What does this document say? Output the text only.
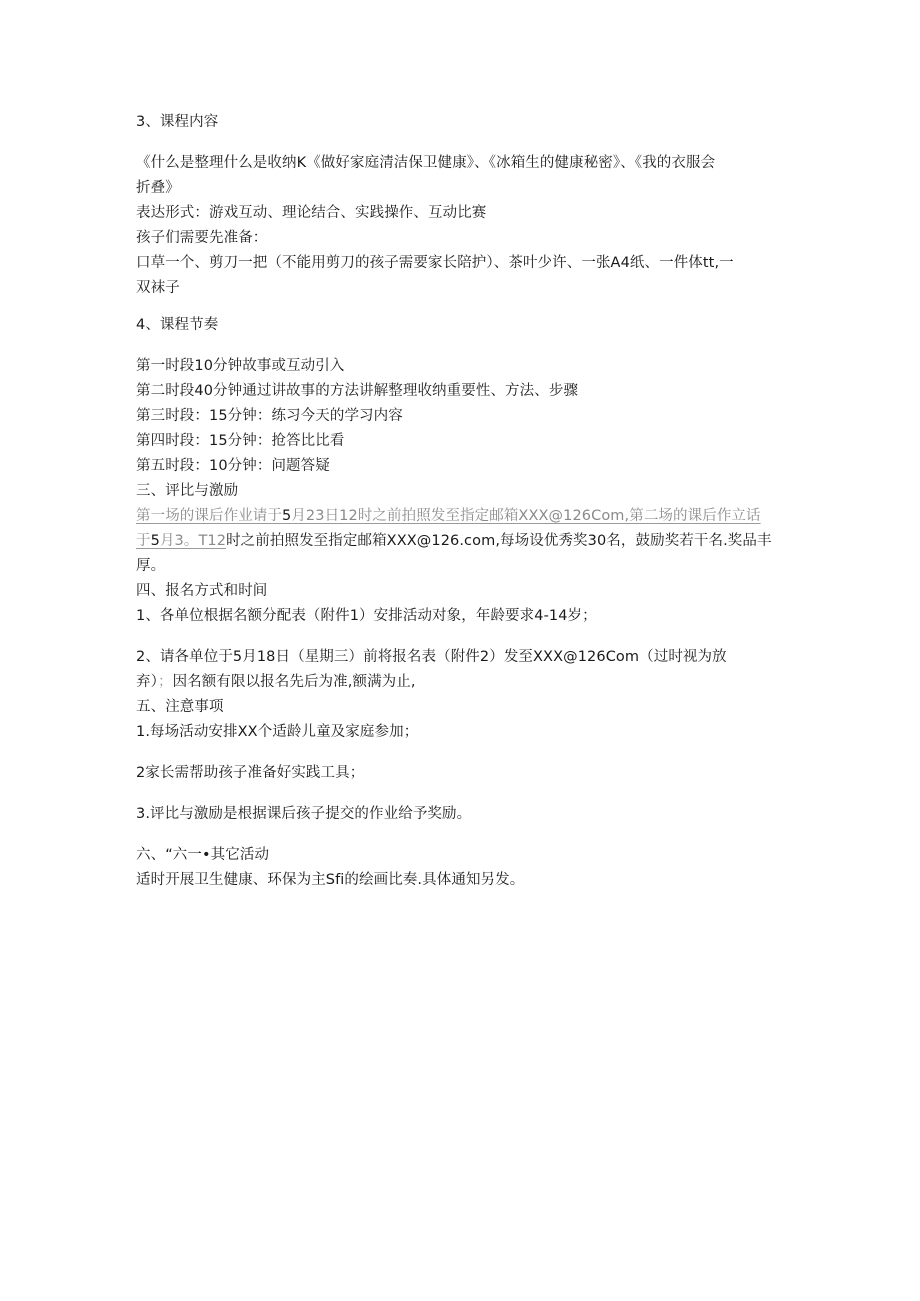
3、课程内容
《什么是整理什么是收纳K《做好家庭清洁保卫健康》、《冰箱生的健康秘密》、《我的衣服会
折叠》
表达形式：游戏互动、理论结合、实践操作、互动比赛
孩子们需要先准备：
口草一个、剪刀一把（不能用剪刀的孩子需要家长陪护）、茶叶少许、一张A4纸、一件体tt,一
双袜子
4、课程节奏
第一时段10分钟故事或互动引入
第二时段40分钟通过讲故事的方法讲解整理收纳重要性、方法、步骤
第三时段：15分钟：练习今天的学习内容
第四时段：15分钟：抢答比比看
第五时段：10分钟：问题答疑
三、评比与激励
第一场的课后作业请于5月23日12时之前拍照发至指定邮箱XXX@126Com,第二场的课后作立话
于5月3。T12时之前拍照发至指定邮箱XXX@126.com,每场设优秀奖30名，鼓励奖若干名.奖品丰
厚。
四、报名方式和时间
1、各单位根据名额分配表（附件1）安排活动对象，年龄要求4-14岁；
2、请各单位于5月18日（星期三）前将报名表（附件2）发至XXX@126Com（过时视为放
弃）；因名额有限以报名先后为准,额满为止,
五、注意事项
1.每场活动安排XX个适龄儿童及家庭参加；
2家长需帮助孩子准备好实践工具；
3.评比与激励是根据课后孩子提交的作业给予奖励。
六、“六一•其它活动
适时开展卫生健康、环保为主Sfi的绘画比奏.具体通知另发。
